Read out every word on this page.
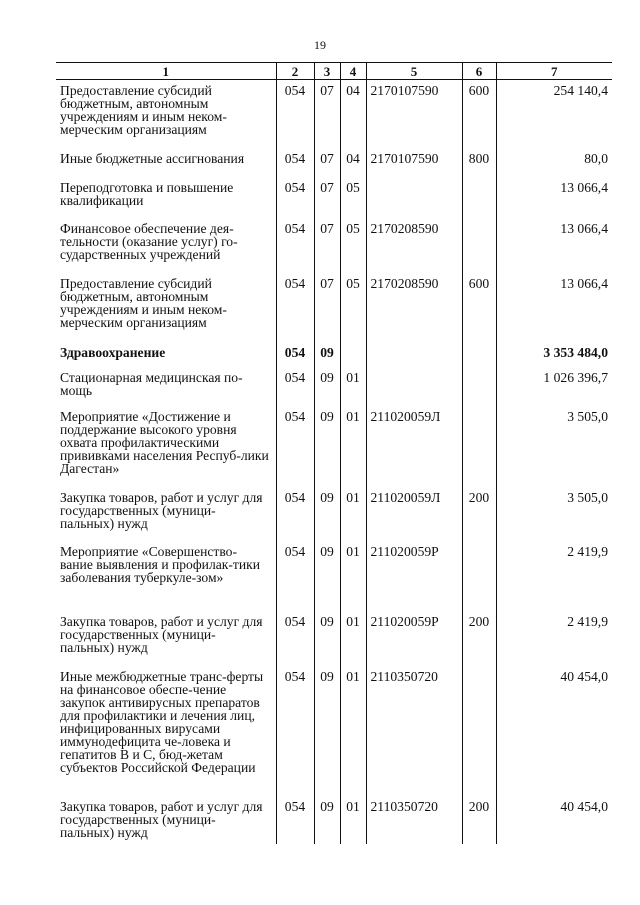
19
1	2	3	4	5	6	7
Предоставление субсидий бюджетным, автономным учреждениям и иным неком-мерческим организациям	054	07	04	2170107590	600	254 140,4
Иные бюджетные ассигнования	054	07	04	2170107590	800	80,0
Переподготовка и повышение квалификации	054	07	05			13 066,4
Финансовое обеспечение дея-тельности (оказание услуг) го-сударственных учреждений	054	07	05	2170208590		13 066,4
Предоставление субсидий бюджетным, автономным учреждениям и иным неком-мерческим организациям	054	07	05	2170208590	600	13 066,4
Здравоохранение	054	09				3 353 484,0
Стационарная медицинская по-мощь	054	09	01			1 026 396,7
Мероприятие «Достижение и поддержание высокого уровня охвата профилактическими прививками населения Респуб-лики Дагестан»	054	09	01	211020059Л		3 505,0
Закупка товаров, работ и услуг для государственных (муници-пальных) нужд	054	09	01	211020059Л	200	3 505,0
Мероприятие «Совершенство-вание выявления и профилак-тики заболевания туберкуле-зом»	054	09	01	211020059Р		2 419,9
Закупка товаров, работ и услуг для государственных (муници-пальных) нужд	054	09	01	211020059Р	200	2 419,9
Иные межбюджетные транс-ферты на финансовое обеспе-чение закупок антивирусных препаратов для профилактики и лечения лиц, инфицированных вирусами иммунодефицита че-ловека и гепатитов В и С, бюд-жетам субъектов Российской Федерации	054	09	01	2110350720		40 454,0
Закупка товаров, работ и услуг для государственных (муници-пальных) нужд	054	09	01	2110350720	200	40 454,0
